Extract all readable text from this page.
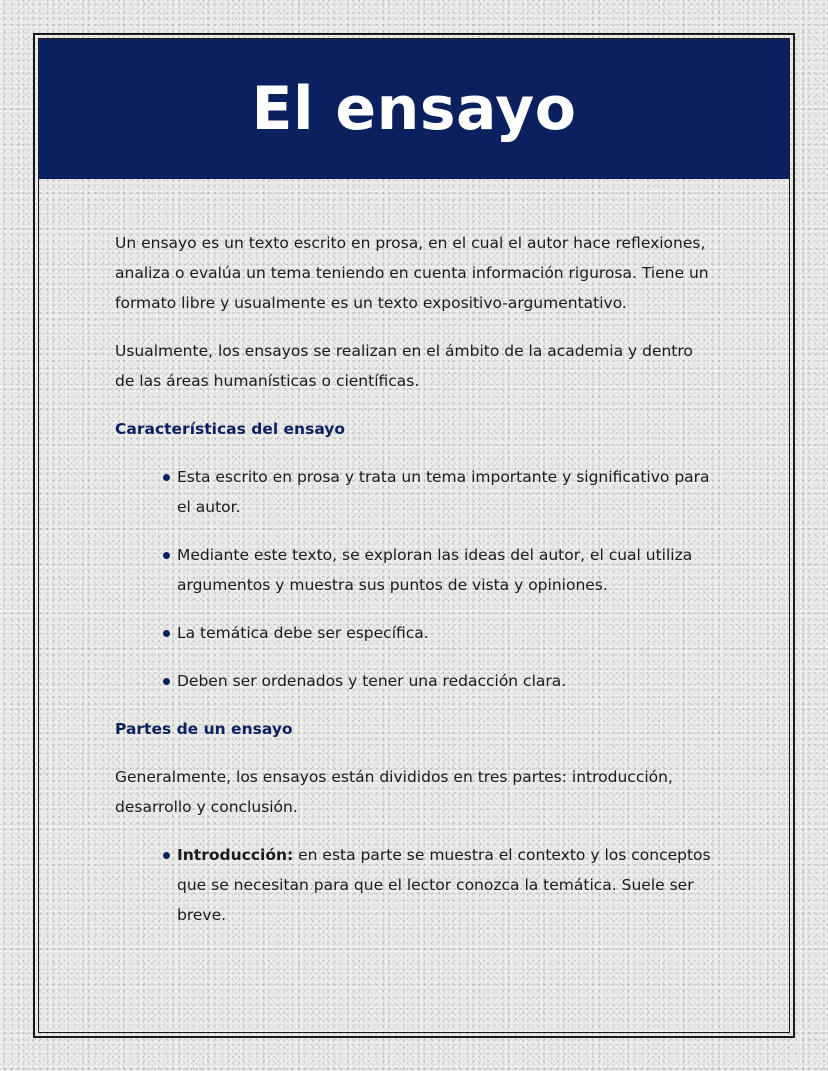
El ensayo

Un ensayo es un texto escrito en prosa, en el cual el autor hace reflexiones, analiza o evalúa un tema teniendo en cuenta información rigurosa. Tiene un formato libre y usualmente es un texto expositivo-argumentativo.

Usualmente, los ensayos se realizan en el ámbito de la academia y dentro de las áreas humanísticas o científicas.

Características del ensayo
Esta escrito en prosa y trata un tema importante y significativo para el autor.
Mediante este texto, se exploran las ideas del autor, el cual utiliza argumentos y muestra sus puntos de vista y opiniones.
La temática debe ser específica.
Deben ser ordenados y tener una redacción clara.
Partes de un ensayo

Generalmente, los ensayos están divididos en tres partes: introducción, desarrollo y conclusión.

Introducción: en esta parte se muestra el contexto y los conceptos que se necesitan para que el lector conozca la temática. Suele ser breve.
